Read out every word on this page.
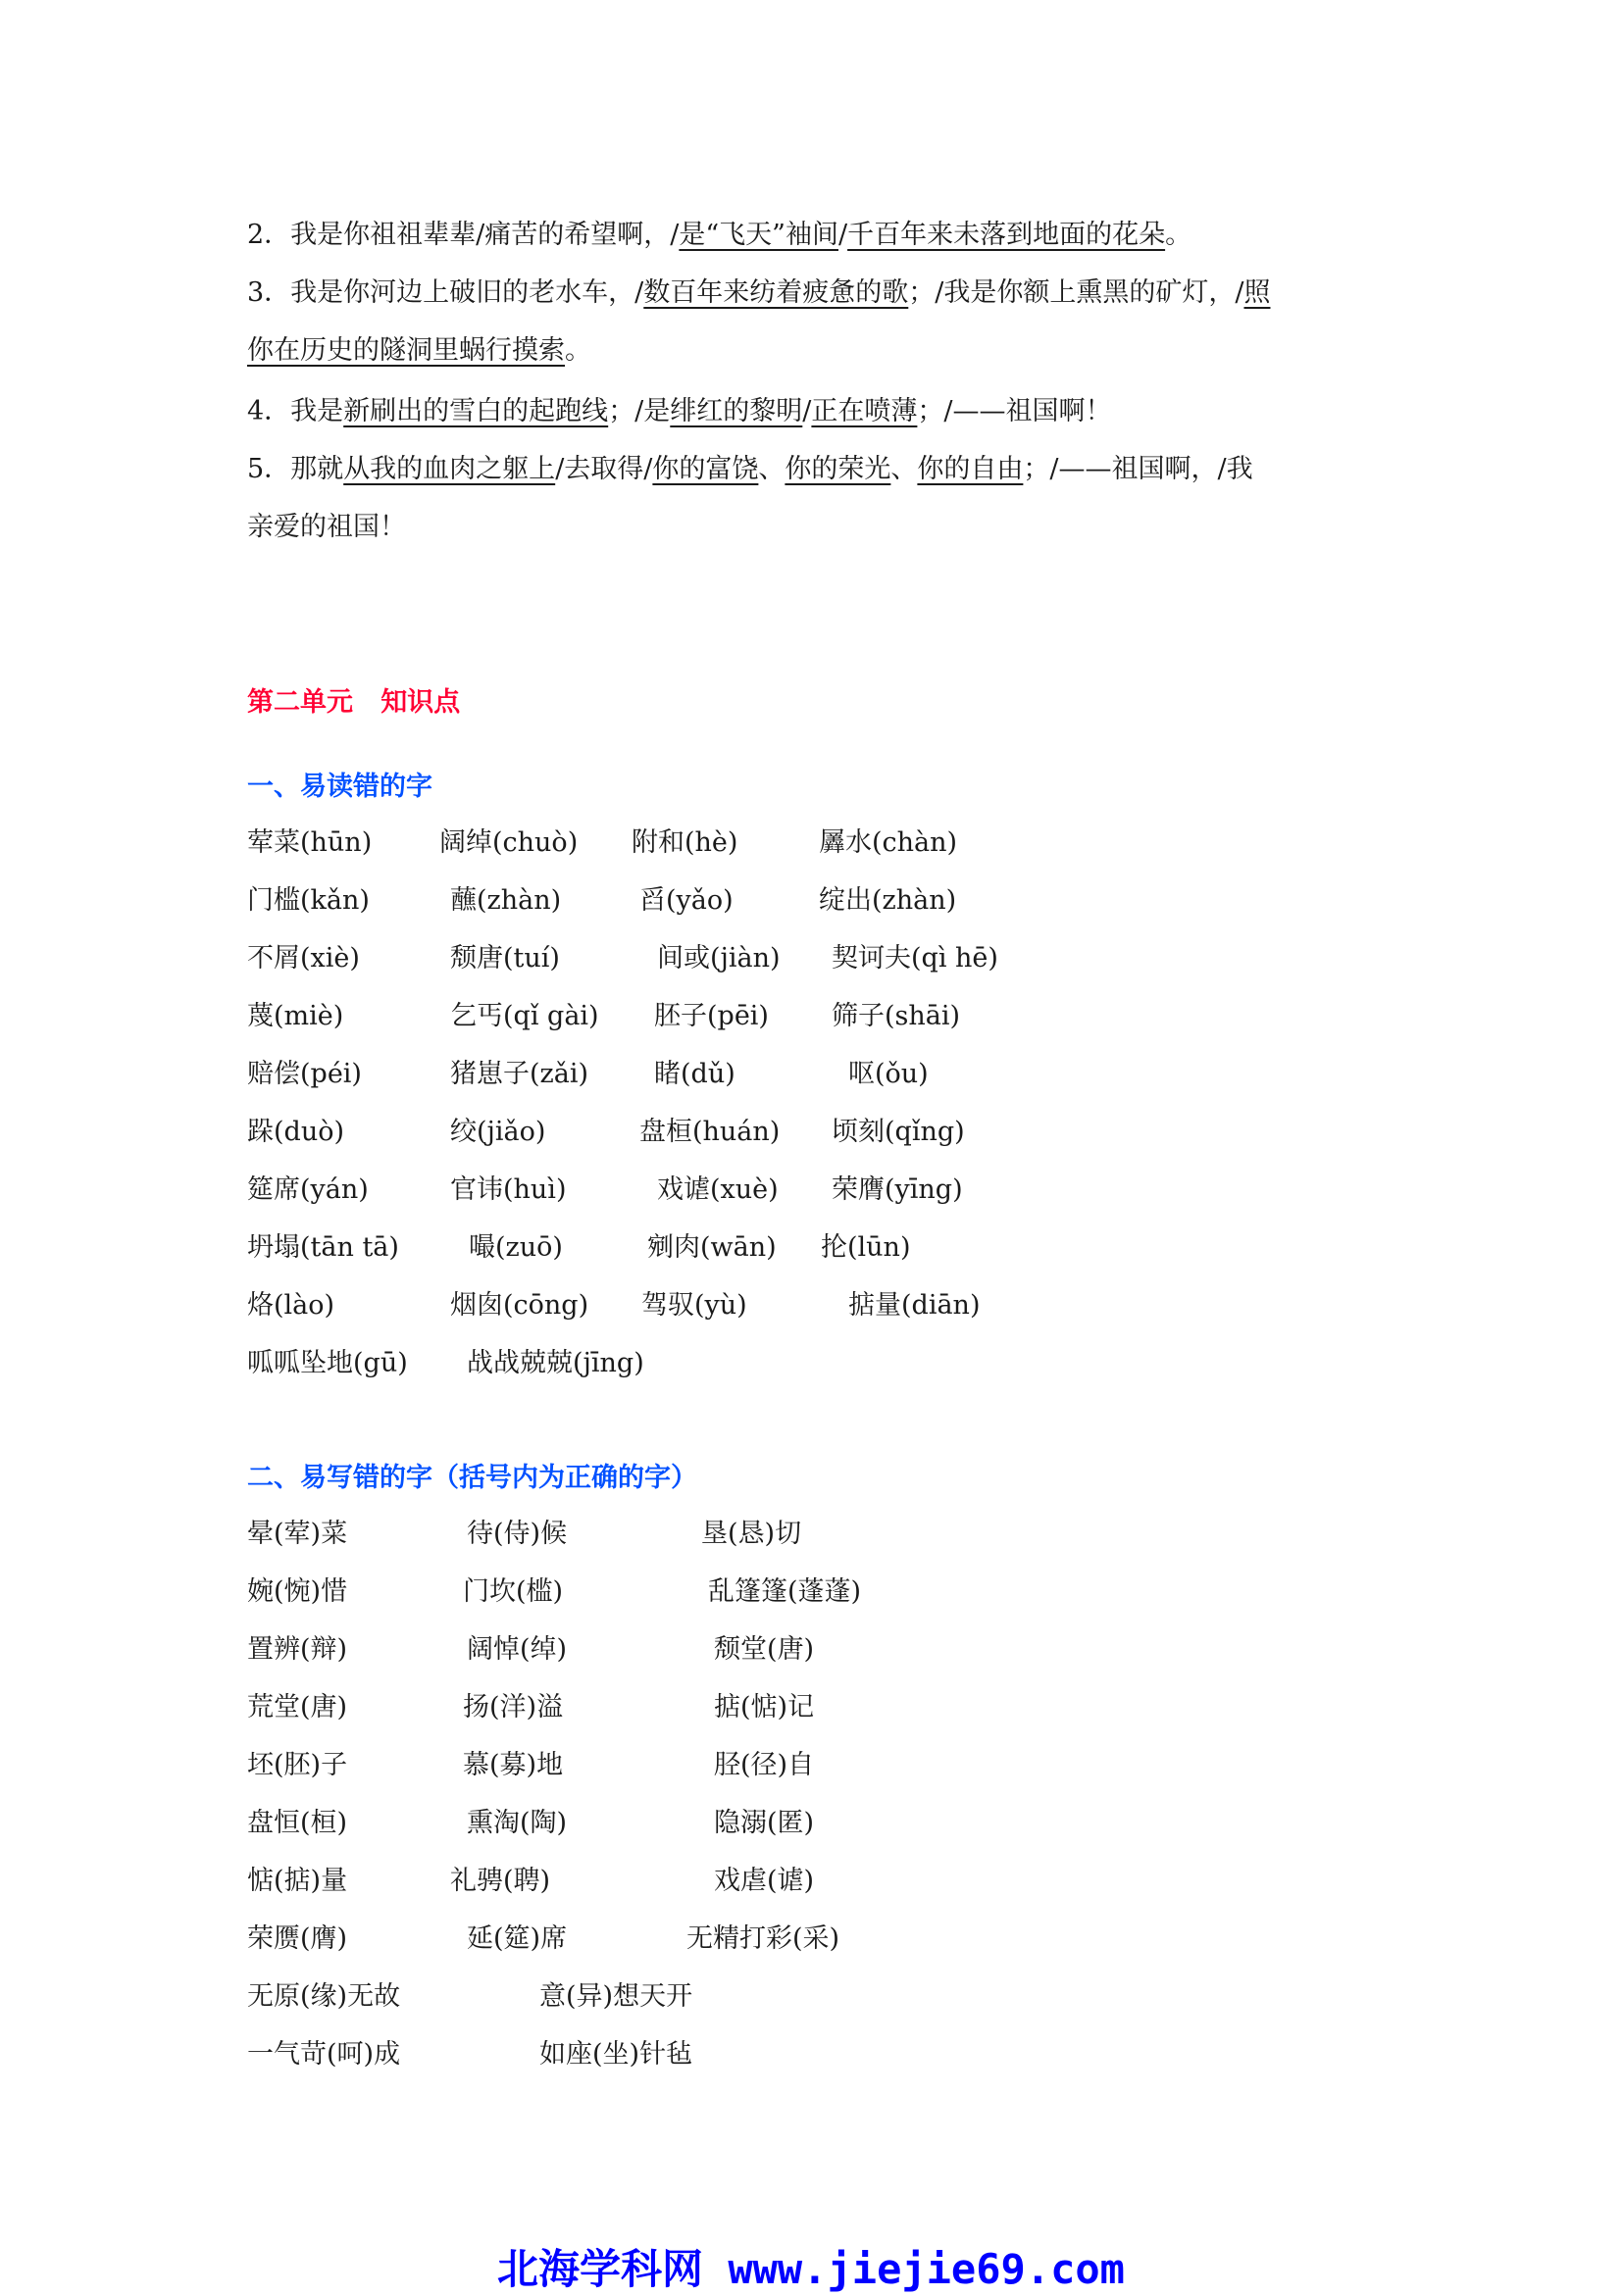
2．我是你祖祖辈辈/痛苦的希望啊，/是“飞天”袖间/千百年来未落到地面的花朵。
3．我是你河边上破旧的老水车，/数百年来纺着疲惫的歌；/我是你额上熏黑的矿灯，/照
你在历史的隧洞里蜗行摸索。
4．我是新刷出的雪白的起跑线；/是绯红的黎明/正在喷薄；/——祖国啊！
5．那就从我的血肉之躯上/去取得/你的富饶、你的荣光、你的自由；/——祖国啊，/我
亲爱的祖国！
第二单元   知识点
一、易读错的字
荤菜(hūn)	阔绰(chuò) 附和(hè)	羼水(chàn)
门槛(kǎn)	蘸(zhàn)	舀(yǎo)	绽出(zhàn)
不屑(xiè)	颓唐(tuí)	间或(jiàn) 契诃夫(qì hē)
蔑(miè)	乞丐(qǐ gài) 胚子(pēi) 筛子(shāi)
赔偿(péi)	猪崽子(zǎi) 睹(dǔ)	呕(ǒu)
跺(duò)	绞(jiǎo)	盘桓(huán) 顷刻(qǐng)
筵席(yán)	官讳(huì)	戏谑(xuè) 荣膺(yīng)
坍塌(tān tā)	嘬(zuō)	剜肉(wān) 抡(lūn)
烙(lào)	烟囱(cōng) 驾驭(yù)	掂量(diān)
呱呱坠地(gū) 战战兢兢(jīng)
二、易写错的字（括号内为正确的字）
晕(荤)菜	待(侍)候	垦(恳)切
婉(惋)惜	门坎(槛)	乱篷篷(蓬蓬)
置辨(辩)	阔悼(绰)	颓堂(唐)
荒堂(唐)	扬(洋)溢	掂(惦)记
坯(胚)子	慕(募)地	胫(径)自
盘恒(桓)	熏淘(陶)	隐溺(匿)
惦(掂)量	礼骋(聘)	戏虐(谑)
荣赝(膺)	延(筵)席	无精打彩(采)
无原(缘)无故	意(异)想天开
一气苛(呵)成	如座(坐)针毡
北海学科网 www.jiejie69.com
